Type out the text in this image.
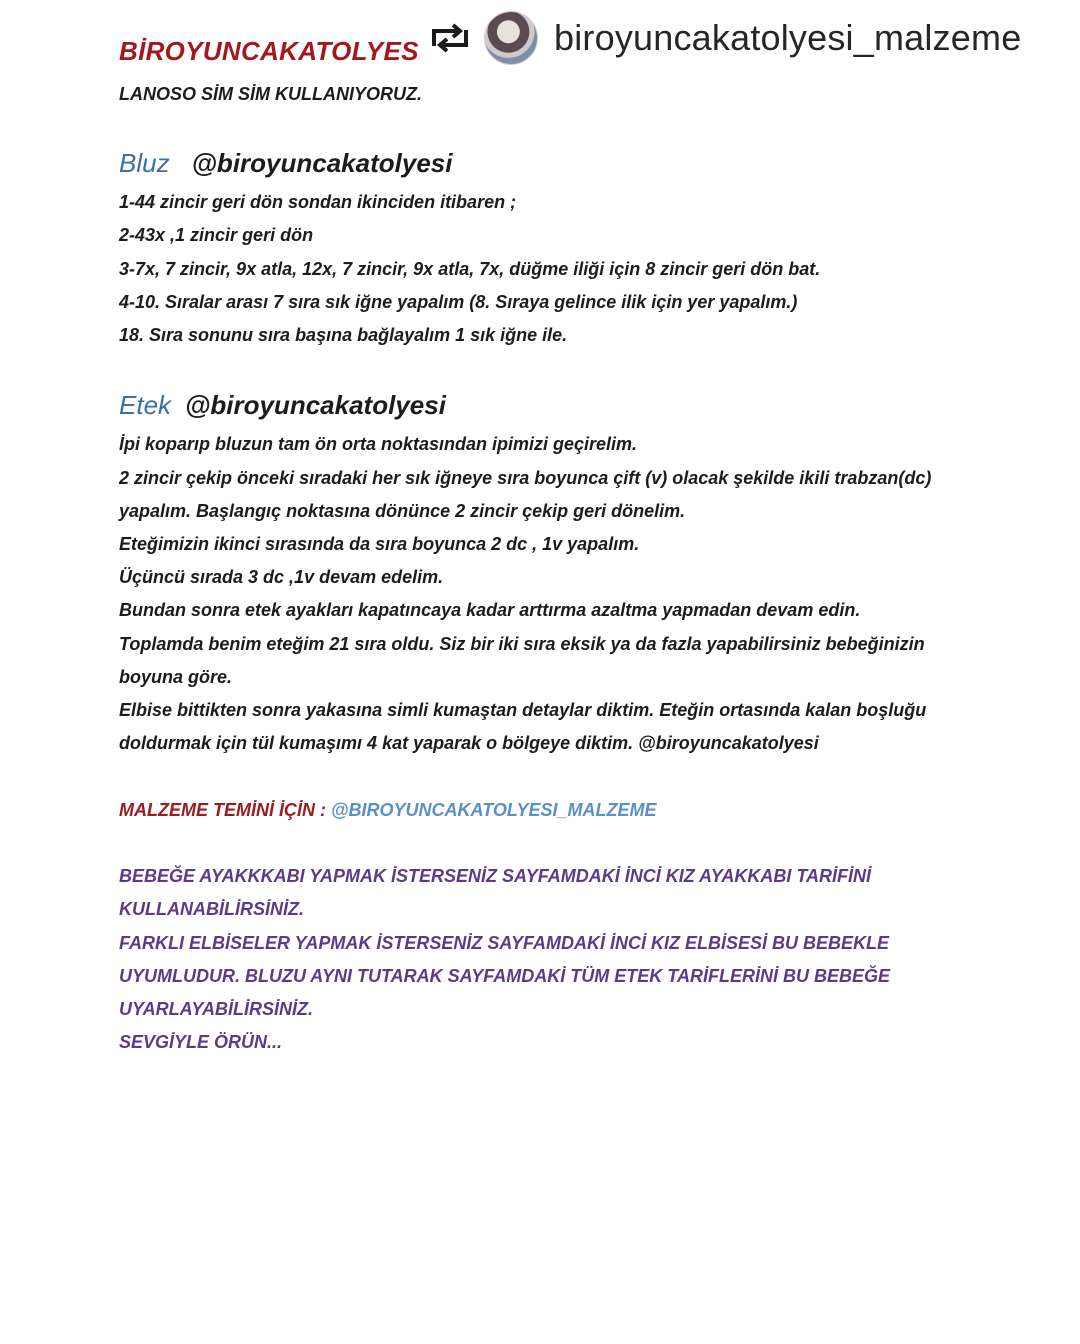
biroyuncakatolyesi_malzeme
BİROYUNCAKATOLYES
LANOSO SİM SİM KULLANIYORUZ.
Bluz @biroyuncakatolyesi
1-44 zincir geri dön sondan ikinciden itibaren ;
2-43x ,1 zincir geri dön
3-7x, 7 zincir, 9x atla, 12x, 7 zincir, 9x atla, 7x, düğme iliği için 8 zincir geri dön bat.
4-10. Sıralar arası 7 sıra sık iğne yapalım (8. Sıraya gelince ilik için yer yapalım.)
18. Sıra sonunu sıra başına bağlayalım 1 sık iğne ile.
Etek @biroyuncakatolyesi
İpi koparıp bluzun tam ön orta noktasından ipimizi geçirelim.
2 zincir çekip önceki sıradaki her sık iğneye sıra boyunca çift (v) olacak şekilde ikili trabzan(dc)
yapalım. Başlangıç noktasına dönünce 2 zincir çekip geri dönelim.
Eteğimizin ikinci sırasında da sıra boyunca 2 dc , 1v yapalım.
Üçüncü sırada 3 dc ,1v devam edelim.
Bundan sonra etek ayakları kapatıncaya kadar arttırma azaltma yapmadan devam edin.
Toplamda benim eteğim 21 sıra oldu. Siz bir iki sıra eksik ya da fazla yapabilirsiniz bebeğinizin
boyuna göre.
Elbise bittikten sonra yakasına simli kumaştan detaylar diktim. Eteğin ortasında kalan boşluğu
doldurmak için tül kumaşımı 4 kat yaparak o bölgeye diktim. @biroyuncakatolyesi
MALZEME TEMİNİ İÇİN : @BIROYUNCAKATOLYESI_MALZEME
BEBEĞE AYAKKKABI YAPMAK İSTERSENİZ SAYFAMDAKİ İNCİ KIZ AYAKKABI TARİFİNİ
KULLANABİLİRSİNİZ.
FARKLI ELBİSELER YAPMAK İSTERSENİZ SAYFAMDAKİ İNCİ KIZ ELBİSESİ BU BEBEKLE
UYUMLUDUR. BLUZU AYNI TUTARAK SAYFAMDAKİ TÜM ETEK TARİFLERİNİ BU BEBEĞE
UYARLAYABİLİRSİNİZ.
SEVGİYLE ÖRÜN...
